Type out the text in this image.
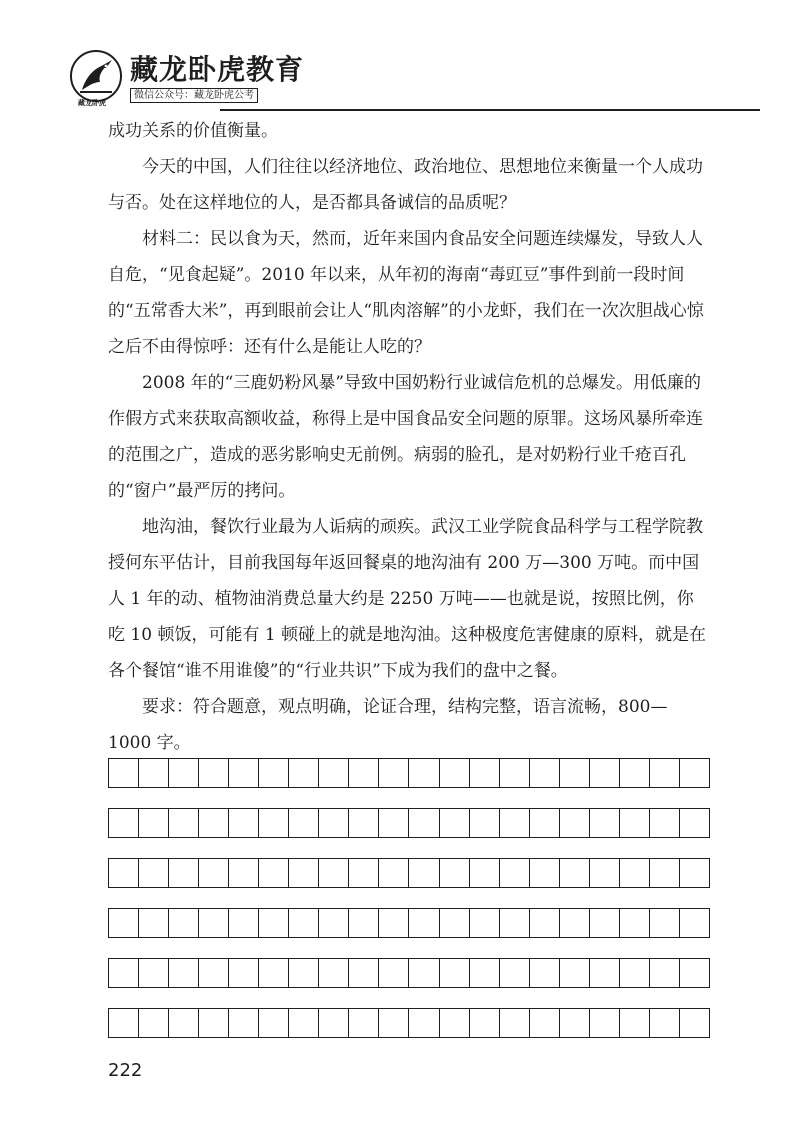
藏龙卧虎
藏龙卧虎教育
微信公众号：藏龙卧虎公考

成功关系的价值衡量。

今天的中国，人们往往以经济地位、政治地位、思想地位来衡量一个人成功与否。处在这样地位的人，是否都具备诚信的品质呢？

材料二：民以食为天，然而，近年来国内食品安全问题连续爆发，导致人人自危，“见食起疑”。2010 年以来，从年初的海南“毒豇豆”事件到前一段时间的“五常香大米”，再到眼前会让人“肌肉溶解”的小龙虾，我们在一次次胆战心惊之后不由得惊呼：还有什么是能让人吃的？

2008 年的“三鹿奶粉风暴”导致中国奶粉行业诚信危机的总爆发。用低廉的作假方式来获取高额收益，称得上是中国食品安全问题的原罪。这场风暴所牵连的范围之广，造成的恶劣影响史无前例。病弱的脸孔，是对奶粉行业千疮百孔的“窗户”最严厉的拷问。

地沟油，餐饮行业最为人诟病的顽疾。武汉工业学院食品科学与工程学院教授何东平估计，目前我国每年返回餐桌的地沟油有 200 万—300 万吨。而中国人 1 年的动、植物油消费总量大约是 2250 万吨——也就是说，按照比例，你吃 10 顿饭，可能有 1 顿碰上的就是地沟油。这种极度危害健康的原料，就是在各个餐馆“谁不用谁傻”的“行业共识”下成为我们的盘中之餐。

要求：符合题意，观点明确，论证合理，结构完整，语言流畅，800—1000 字。

222
